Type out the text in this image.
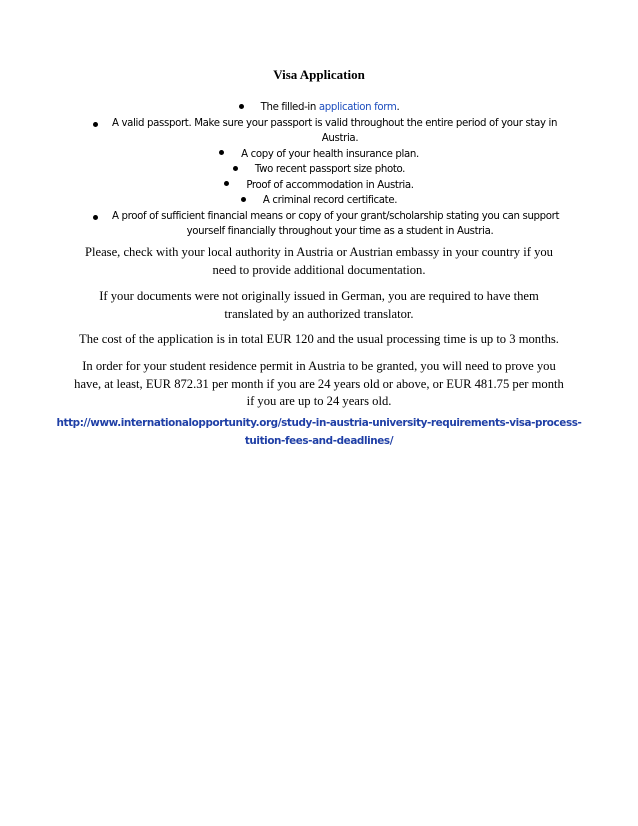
Visa Application
The filled-in application form.
A valid passport. Make sure your passport is valid throughout the entire period of your stay in
Austria.
A copy of your health insurance plan.
Two recent passport size photo.
Proof of accommodation in Austria.
A criminal record certificate.
A proof of sufficient financial means or copy of your grant/scholarship stating you can support
yourself financially throughout your time as a student in Austria.
Please, check with your local authority in Austria or Austrian embassy in your country if you
need to provide additional documentation.
If your documents were not originally issued in German, you are required to have them
translated by an authorized translator.
The cost of the application is in total EUR 120 and the usual processing time is up to 3 months.
In order for your student residence permit in Austria to be granted, you will need to prove you
have, at least, EUR 872.31 per month if you are 24 years old or above, or EUR 481.75 per month
if you are up to 24 years old.
http://www.internationalopportunity.org/study-in-austria-university-requirements-visa-process-
tuition-fees-and-deadlines/
